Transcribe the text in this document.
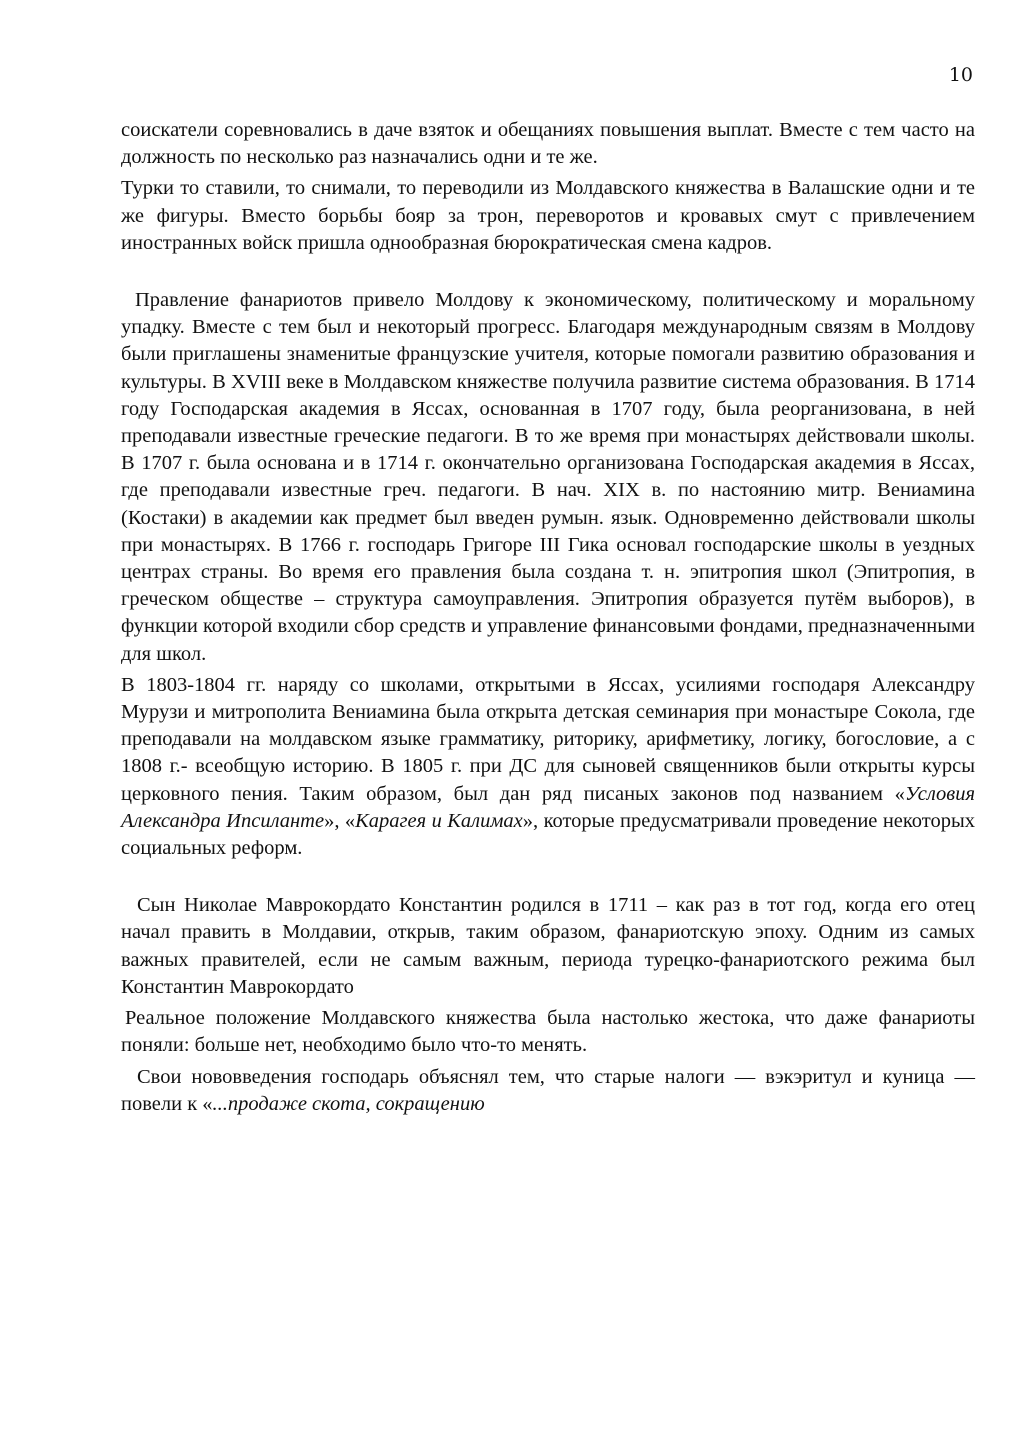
10

соискатели соревновались в даче взяток и обещаниях повышения выплат. Вместе с тем часто на должность по несколько раз назначались одни и те же.

Турки то ставили, то снимали, то переводили из Молдавского княжества в Валашские одни и те же фигуры. Вместо борьбы бояр за трон, переворотов и кровавых смут с привлечением иностранных войск пришла однообразная бюрократическая смена кадров.

Правление фанариотов привело Молдову к экономическому, политическому и моральному упадку. Вместе с тем был и некоторый прогресс. Благодаря международным связям в Молдову были приглашены знаменитые французские учителя, которые помогали развитию образования и культуры. В XVIII веке в Молдавском княжестве получила развитие система образования. В 1714 году Господарская академия в Яссах, основанная в 1707 году, была реорганизована, в ней преподавали известные греческие педагоги. В то же время при монастырях действовали школы. В 1707 г. была основана и в 1714 г. окончательно организована Господарская академия в Яссах, где преподавали известные греч. педагоги. В нач. XIX в. по настоянию митр. Вениамина (Костаки) в академии как предмет был введен румын. язык. Одновременно действовали школы при монастырях. В 1766 г. господарь Григоре III Гика основал господарские школы в уездных центрах страны. Во время его правления была создана т. н. эпитропия школ (Эпитропия, в греческом обществе – структура самоуправления. Эпитропия образуется путём выборов), в функции которой входили сбор средств и управление финансовыми фондами, предназначенными для школ.

В 1803-1804 гг. наряду со школами, открытыми в Яссах, усилиями господаря Александру Мурузи и митрополита Вениамина была открыта детская семинария при монастыре Сокола, где преподавали на молдавском языке грамматику, риторику, арифметику, логику, богословие, а с 1808 г.- всеобщую историю. В 1805 г. при ДС для сыновей священников были открыты курсы церковного пения. Таким образом, был дан ряд писаных законов под названием «Условия Александра Ипсиланте», «Карагея и Калимах», которые предусматривали проведение некоторых социальных реформ.

Сын Николае Маврокордато Константин родился в 1711 – как раз в тот год, когда его отец начал править в Молдавии, открыв, таким образом, фанариотскую эпоху. Одним из самых важных правителей, если не самым важным, периода турецко-фанариотского режима был Константин Маврокордато

Реальное положение Молдавского княжества была настолько жестока, что даже фанариоты поняли: больше нет, необходимо было что-то менять.

Свои нововведения господарь объяснял тем, что старые налоги — вэкэритул и куница — повели к «...продаже скота, сокращению
